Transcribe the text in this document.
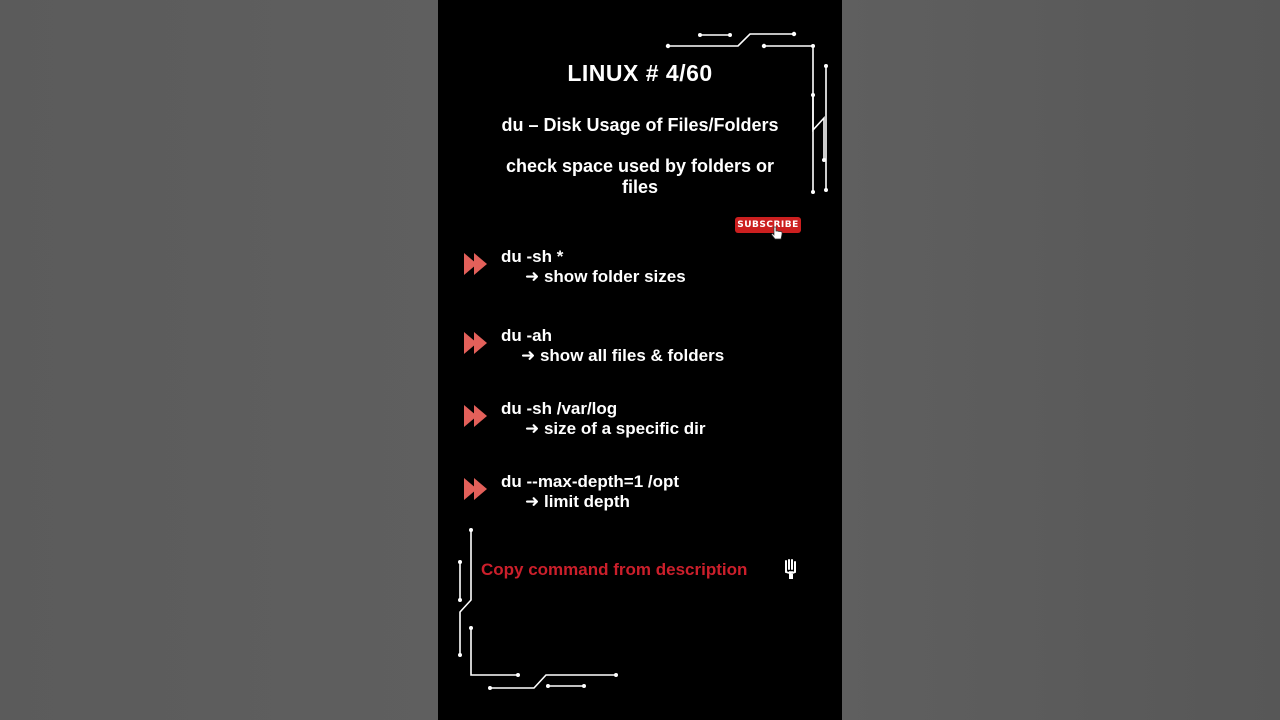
LINUX # 4/60
du – Disk Usage of Files/Folders
check space used by folders or files
SUBSCRIBE
du -sh *
➜ show folder sizes
du -ah
➜ show all files & folders
du -sh /var/log
➜ size of a specific dir
du --max-depth=1 /opt
➜ limit depth
Copy command from description
